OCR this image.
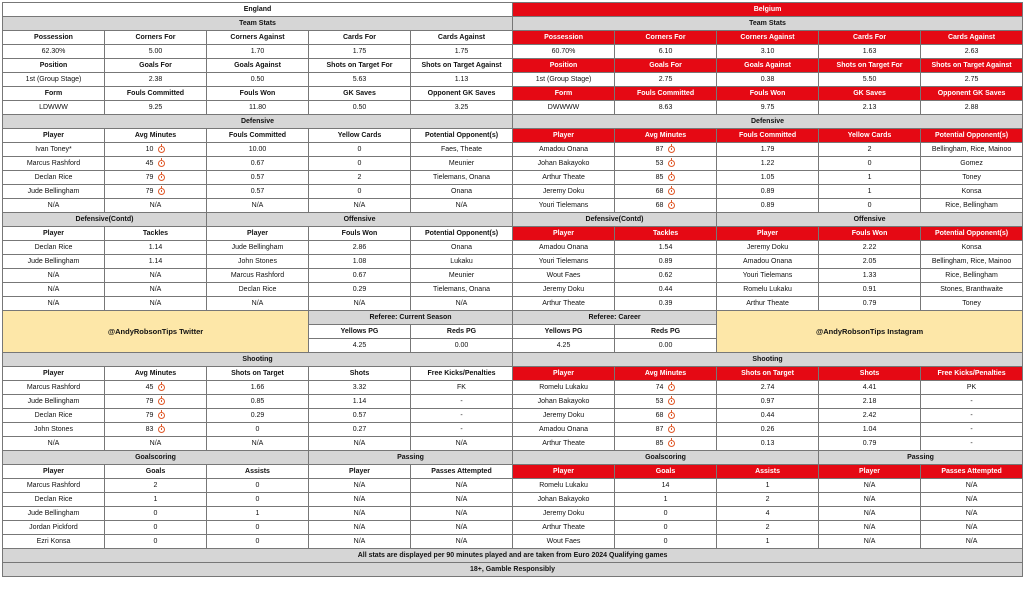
England					Belgium				
Team Stats					Team Stats				
Possession	Corners For	Corners Against	Cards For	Cards Against	Possession	Corners For	Corners Against	Cards For	Cards Against
62.30%	5.00	1.70	1.75	1.75	60.70%	6.10	3.10	1.63	2.63
Position	Goals For	Goals Against	Shots on Target For	Shots on Target Against	Position	Goals For	Goals Against	Shots on Target For	Shots on Target Against
1st (Group Stage)	2.38	0.50	5.63	1.13	1st (Group Stage)	2.75	0.38	5.50	2.75
Form	Fouls Committed	Fouls Won	GK Saves	Opponent GK Saves	Form	Fouls Committed	Fouls Won	GK Saves	Opponent GK Saves
LDWWW	9.25	11.80	0.50	3.25	DWWWW	8.63	9.75	2.13	2.88
Defensive					Defensive				
Player	Avg Minutes	Fouls Committed	Yellow Cards	Potential Opponent(s)	Player	Avg Minutes	Fouls Committed	Yellow Cards	Potential Opponent(s)
Ivan Toney*	10	10.00	0	Faes, Theate	Amadou Onana	87	1.79	2	Bellingham, Rice, Mainoo
Marcus Rashford	45	0.67	0	Meunier	Johan Bakayoko	53	1.22	0	Gomez
Declan Rice	79	0.57	2	Tielemans, Onana	Arthur Theate	85	1.05	1	Toney
Jude Bellingham	79	0.57	0	Onana	Jeremy Doku	68	0.89	1	Konsa
N/A	N/A	N/A	N/A	N/A	Youri Tielemans	68	0.89	0	Rice, Bellingham
Defensive(Contd)		Offensive			Defensive(Contd)		Offensive		
Player	Tackles	Player	Fouls Won	Potential Opponent(s)	Player	Tackles	Player	Fouls Won	Potential Opponent(s)
Declan Rice	1.14	Jude Bellingham	2.86	Onana	Amadou Onana	1.54	Jeremy Doku	2.22	Konsa
Jude Bellingham	1.14	John Stones	1.08	Lukaku	Youri Tielemans	0.89	Amadou Onana	2.05	Bellingham, Rice, Mainoo
N/A	N/A	Marcus Rashford	0.67	Meunier	Wout Faes	0.62	Youri Tielemans	1.33	Rice, Bellingham
N/A	N/A	Declan Rice	0.29	Tielemans, Onana	Jeremy Doku	0.44	Romelu Lukaku	0.91	Stones, Branthwaite
N/A	N/A	N/A	N/A	N/A	Arthur Theate	0.39	Arthur Theate	0.79	Toney
@AndyRobsonTips Twitter			Referee: Current Season		Referee: Career		@AndyRobsonTips Instagram		
			Yellows PG	Reds PG	Yellows PG	Reds PG			
			4.25	0.00	4.25	0.00			
Shooting					Shooting				
Player	Avg Minutes	Shots on Target	Shots	Free Kicks/Penalties	Player	Avg Minutes	Shots on Target	Shots	Free Kicks/Penalties
Marcus Rashford	45	1.66	3.32	FK	Romelu Lukaku	74	2.74	4.41	PK
Jude Bellingham	79	0.85	1.14	-	Johan Bakayoko	53	0.97	2.18	-
Declan Rice	79	0.29	0.57	-	Jeremy Doku	68	0.44	2.42	-
John Stones	83	0	0.27	-	Amadou Onana	87	0.26	1.04	-
N/A	N/A	N/A	N/A	N/A	Arthur Theate	85	0.13	0.79	-
Goalscoring			Passing		Goalscoring			Passing	
Player	Goals	Assists	Player	Passes Attempted	Player	Goals	Assists	Player	Passes Attempted
Marcus Rashford	2	0	N/A	N/A	Romelu Lukaku	14	1	N/A	N/A
Declan Rice	1	0	N/A	N/A	Johan Bakayoko	1	2	N/A	N/A
Jude Bellingham	0	1	N/A	N/A	Jeremy Doku	0	4	N/A	N/A
Jordan Pickford	0	0	N/A	N/A	Arthur Theate	0	2	N/A	N/A
Ezri Konsa	0	0	N/A	N/A	Wout Faes	0	1	N/A	N/A
All stats are displayed per 90 minutes played and are taken from Euro 2024 Qualifying games									
18+, Gamble Responsibly									
